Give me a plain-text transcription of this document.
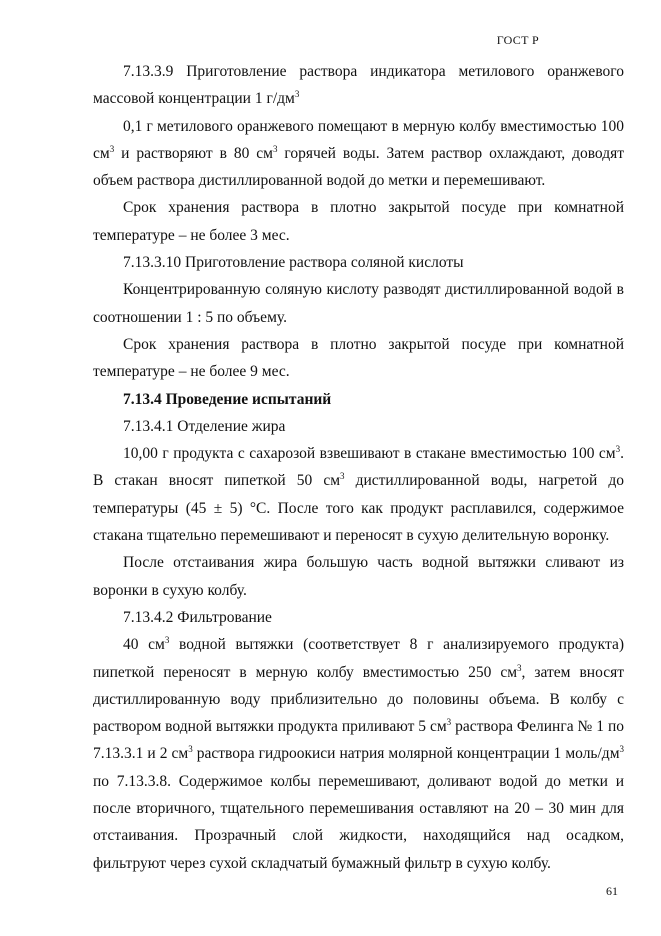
ГОСТ Р

7.13.3.9 Приготовление раствора индикатора метилового оранжевого массовой концентрации 1 $г/дм^3$

0,1 г метилового оранжевого помещают в мерную колбу вместимостью 100 $см^3$ и растворяют в 80 $см^3$ горячей воды. Затем раствор охлаждают, доводят объем раствора дистиллированной водой до метки и перемешивают.

Срок хранения раствора в плотно закрытой посуде при комнатной температуре – не более 3 мес.

7.13.3.10 Приготовление раствора соляной кислоты

Концентрированную соляную кислоту разводят дистиллированной водой в соотношении 1 : 5 по объему.

Срок хранения раствора в плотно закрытой посуде при комнатной температуре – не более 9 мес.

7.13.4 Проведение испытаний

7.13.4.1 Отделение жира

10,00 г продукта с сахарозой взвешивают в стакане вместимостью 100 $см^3$. В стакан вносят пипеткой 50 $см^3$ дистиллированной воды, нагретой до температуры (45 ± 5) °С. После того как продукт расплавился, содержимое стакана тщательно перемешивают и переносят в сухую делительную воронку.

После отстаивания жира большую часть водной вытяжки сливают из воронки в сухую колбу.

7.13.4.2 Фильтрование

40 $см^3$ водной вытяжки (соответствует 8 г анализируемого продукта) пипеткой переносят в мерную колбу вместимостью 250 $см^3$, затем вносят дистиллированную воду приблизительно до половины объема. В колбу с раствором водной вытяжки продукта приливают 5 $см^3$ раствора Фелинга № 1 по 7.13.3.1 и 2 $см^3$ раствора гидроокиси натрия молярной концентрации 1 моль/$дм^3$ по 7.13.3.8. Содержимое колбы перемешивают, доливают водой до метки и после вторичного, тщательного перемешивания оставляют на 20 – 30 мин для отстаивания. Прозрачный слой жидкости, находящийся над осадком, фильтруют через сухой складчатый бумажный фильтр в сухую колбу.

61
